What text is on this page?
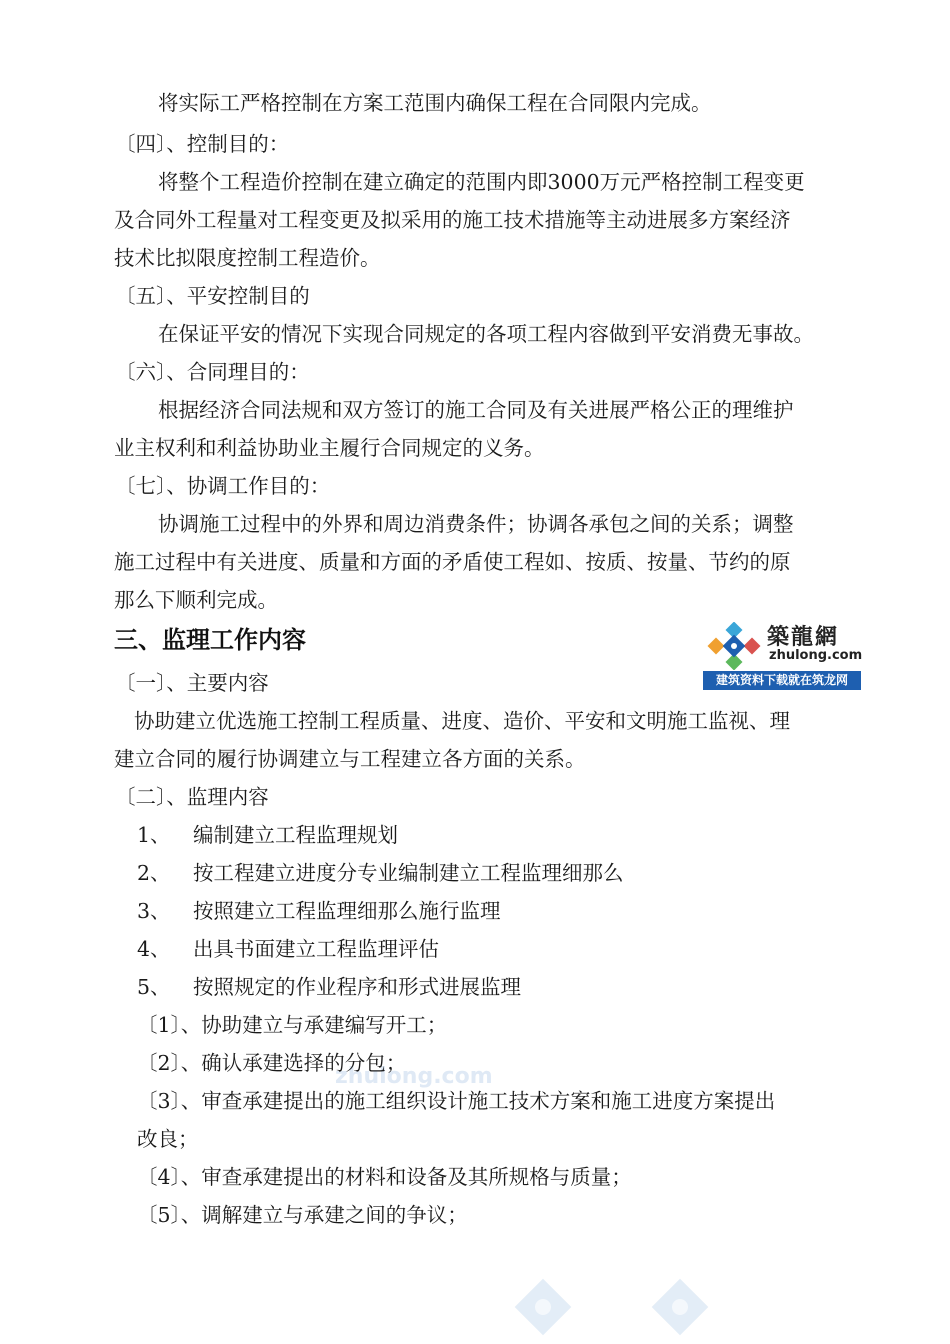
将实际工严格控制在方案工范围内确保工程在合同限内完成。
〔四〕、控制目的：
将整个工程造价控制在建立确定的范围内即3000万元严格控制工程变更
及合同外工程量对工程变更及拟采用的施工技术措施等主动进展多方案经济
技术比拟限度控制工程造价。
〔五〕、平安控制目的
在保证平安的情况下实现合同规定的各项工程内容做到平安消费无事故。
〔六〕、合同理目的：
根据经济合同法规和双方签订的施工合同及有关进展严格公正的理维护
业主权利和利益协助业主履行合同规定的义务。
〔七〕、协调工作目的：
协调施工过程中的外界和周边消费条件；协调各承包之间的关系；调整
施工过程中有关进度、质量和方面的矛盾使工程如、按质、按量、节约的原
那么下顺利完成。
三、监理工作内容	築龍網
zhulong.com
建筑资料下载就在筑龙网
〔一〕、主要内容
协助建立优选施工控制工程质量、进度、造价、平安和文明施工监视、理
建立合同的履行协调建立与工程建立各方面的关系。
〔二〕、监理内容
1、 编制建立工程监理规划
2、 按工程建立进度分专业编制建立工程监理细那么
3、 按照建立工程监理细那么施行监理
4、 出具书面建立工程监理评估
5、 按照规定的作业程序和形式进展监理
zhulong.com
〔1〕、协助建立与承建编写开工；
〔2〕、确认承建选择的分包；
〔3〕、审查承建提出的施工组织设计施工技术方案和施工进度方案提出
改良；
〔4〕、审查承建提出的材料和设备及其所规格与质量；
〔5〕、调解建立与承建之间的争议；
